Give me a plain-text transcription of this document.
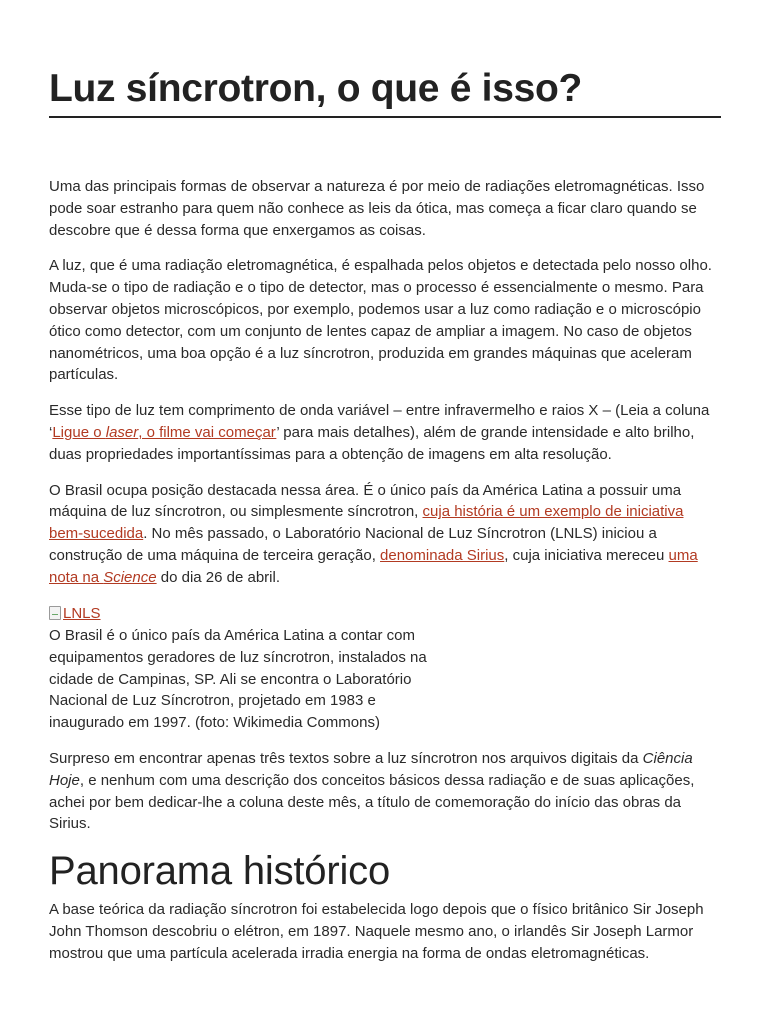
Luz síncrotron, o que é isso?

Uma das principais formas de observar a natureza é por meio de radiações eletromagnéticas. Isso pode soar estranho para quem não conhece as leis da ótica, mas começa a ficar claro quando se descobre que é dessa forma que enxergamos as coisas.

A luz, que é uma radiação eletromagnética, é espalhada pelos objetos e detectada pelo nosso olho. Muda-se o tipo de radiação e o tipo de detector, mas o processo é essencialmente o mesmo. Para observar objetos microscópicos, por exemplo, podemos usar a luz como radiação e o microscópio ótico como detector, com um conjunto de lentes capaz de ampliar a imagem. No caso de objetos nanométricos, uma boa opção é a luz síncrotron, produzida em grandes máquinas que aceleram partículas.

Esse tipo de luz tem comprimento de onda variável – entre infravermelho e raios X – (Leia a coluna ‘Ligue o laser, o filme vai começar’ para mais detalhes), além de grande intensidade e alto brilho, duas propriedades importantíssimas para a obtenção de imagens em alta resolução.

O Brasil ocupa posição destacada nessa área. É o único país da América Latina a possuir uma máquina de luz síncrotron, ou simplesmente síncrotron, cuja história é um exemplo de iniciativa bem-sucedida. No mês passado, o Laboratório Nacional de Luz Síncrotron (LNLS) iniciou a construção de uma máquina de terceira geração, denominada Sirius, cuja iniciativa mereceu uma nota na Science do dia 26 de abril.

LNLS

O Brasil é o único país da América Latina a contar com equipamentos geradores de luz síncrotron, instalados na cidade de Campinas, SP. Ali se encontra o Laboratório Nacional de Luz Síncrotron, projetado em 1983 e inaugurado em 1997. (foto: Wikimedia Commons)

Surpreso em encontrar apenas três textos sobre a luz síncrotron nos arquivos digitais da Ciência Hoje, e nenhum com uma descrição dos conceitos básicos dessa radiação e de suas aplicações, achei por bem dedicar-lhe a coluna deste mês, a título de comemoração do início das obras da Sirius.

Panorama histórico

A base teórica da radiação síncrotron foi estabelecida logo depois que o físico britânico Sir Joseph John Thomson descobriu o elétron, em 1897. Naquele mesmo ano, o irlandês Sir Joseph Larmor mostrou que uma partícula acelerada irradia energia na forma de ondas eletromagnéticas.
